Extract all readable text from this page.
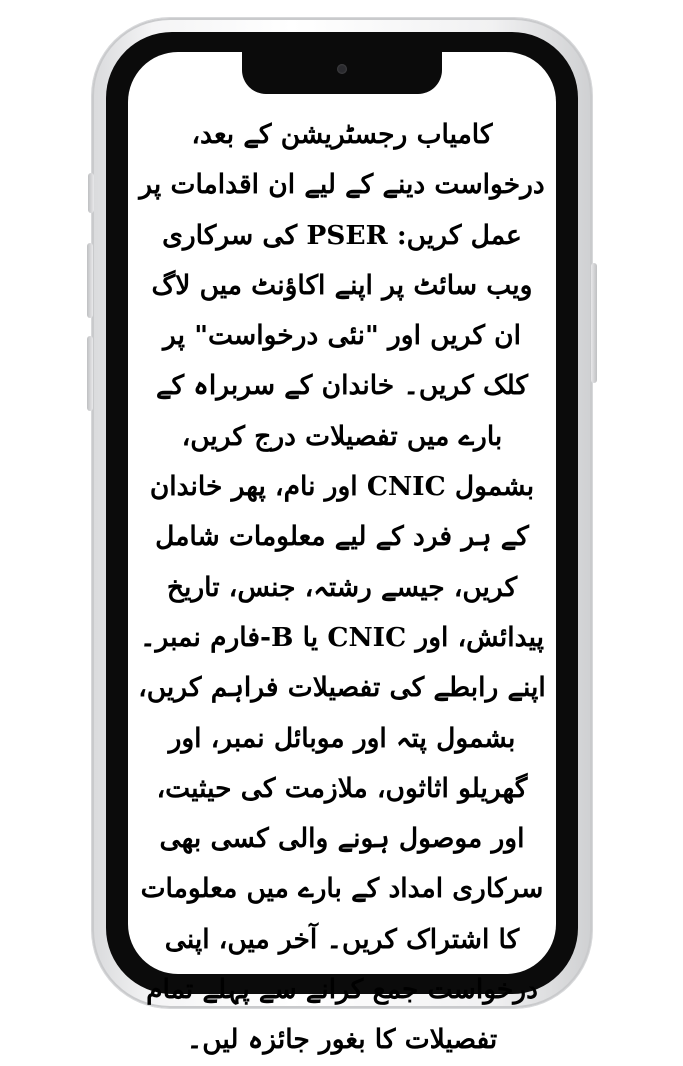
کامیاب رجسٹریشن کے بعد، درخواست دینے کے لیے ان اقدامات پر عمل کریں: PSER کی سرکاری ویب سائٹ پر اپنے اکاؤنٹ میں لاگ ان کریں اور "نئی درخواست" پر کلک کریں۔ خاندان کے سربراہ کے بارے میں تفصیلات درج کریں، بشمول CNIC اور نام، پھر خاندان کے ہر فرد کے لیے معلومات شامل کریں، جیسے رشتہ، جنس، تاریخ پیدائش، اور CNIC یا B-فارم نمبر۔ اپنے رابطے کی تفصیلات فراہم کریں، بشمول پتہ اور موبائل نمبر، اور گھریلو اثاثوں، ملازمت کی حیثیت، اور موصول ہونے والی کسی بھی سرکاری امداد کے بارے میں معلومات کا اشتراک کریں۔ آخر میں، اپنی درخواست جمع کرانے سے پہلے تمام تفصیلات کا بغور جائزہ لیں۔
